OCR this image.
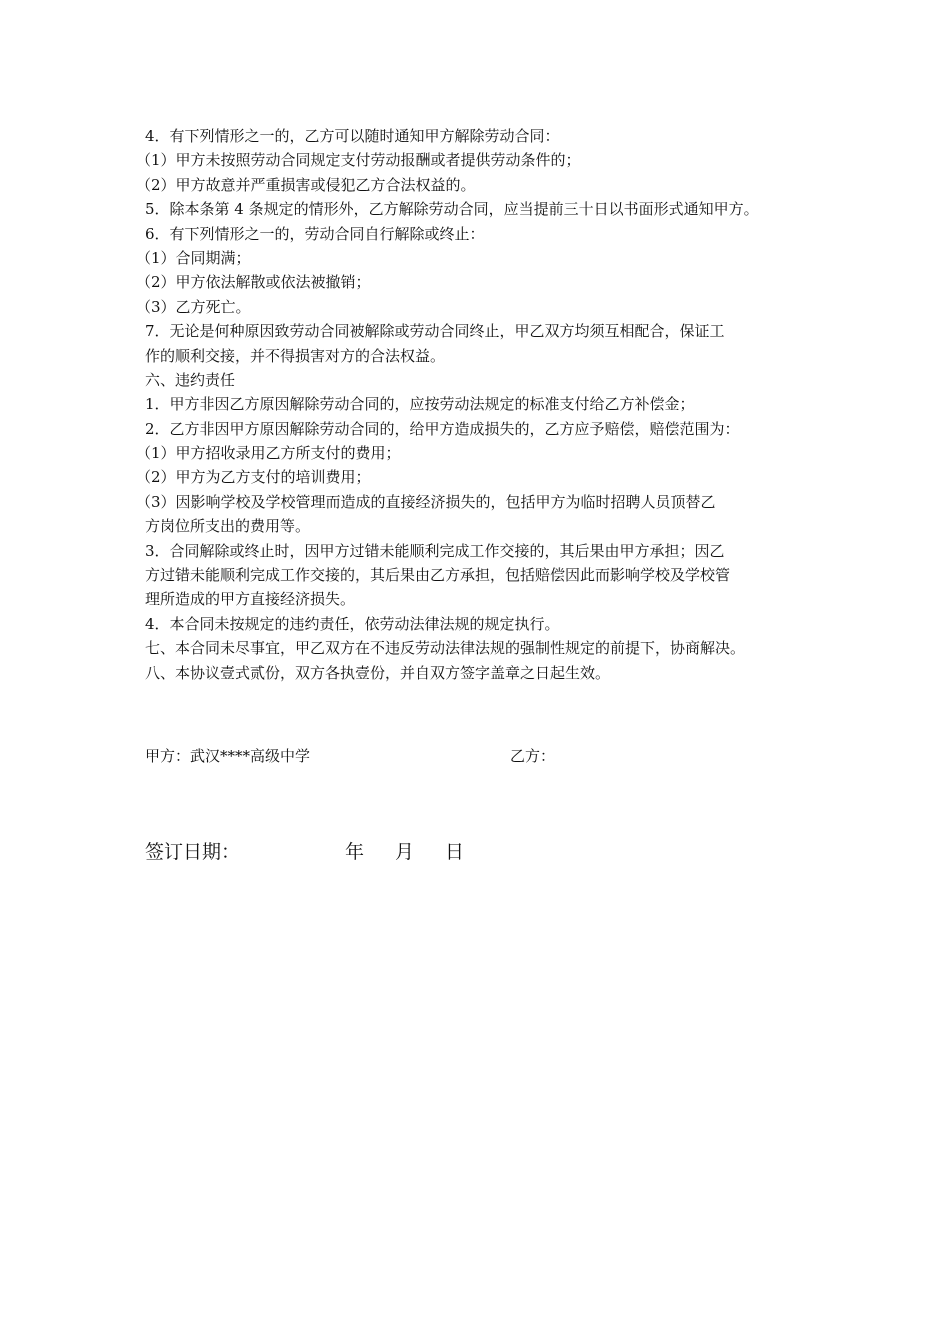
4．有下列情形之一的，乙方可以随时通知甲方解除劳动合同：

（1）甲方未按照劳动合同规定支付劳动报酬或者提供劳动条件的；

（2）甲方故意并严重损害或侵犯乙方合法权益的。

5．除本条第 4 条规定的情形外，乙方解除劳动合同，应当提前三十日以书面形式通知甲方。

6．有下列情形之一的，劳动合同自行解除或终止：

（1）合同期满；

（2）甲方依法解散或依法被撤销；

（3）乙方死亡。

7．无论是何种原因致劳动合同被解除或劳动合同终止，甲乙双方均须互相配合，保证工

作的顺利交接，并不得损害对方的合法权益。

六、违约责任

1．甲方非因乙方原因解除劳动合同的，应按劳动法规定的标准支付给乙方补偿金；

2．乙方非因甲方原因解除劳动合同的，给甲方造成损失的，乙方应予赔偿，赔偿范围为：

（1）甲方招收录用乙方所支付的费用；

（2）甲方为乙方支付的培训费用；

（3）因影响学校及学校管理而造成的直接经济损失的，包括甲方为临时招聘人员顶替乙

方岗位所支出的费用等。

3．合同解除或终止时，因甲方过错未能顺利完成工作交接的，其后果由甲方承担；因乙

方过错未能顺利完成工作交接的，其后果由乙方承担，包括赔偿因此而影响学校及学校管

理所造成的甲方直接经济损失。

4．本合同未按规定的违约责任，依劳动法律法规的规定执行。

七、本合同未尽事宜，甲乙双方在不违反劳动法律法规的强制性规定的前提下，协商解决。

八、本协议壹式贰份，双方各执壹份，并自双方签字盖章之日起生效。

甲方：武汉****高级中学	乙方：
签订日期：	年 月 日
